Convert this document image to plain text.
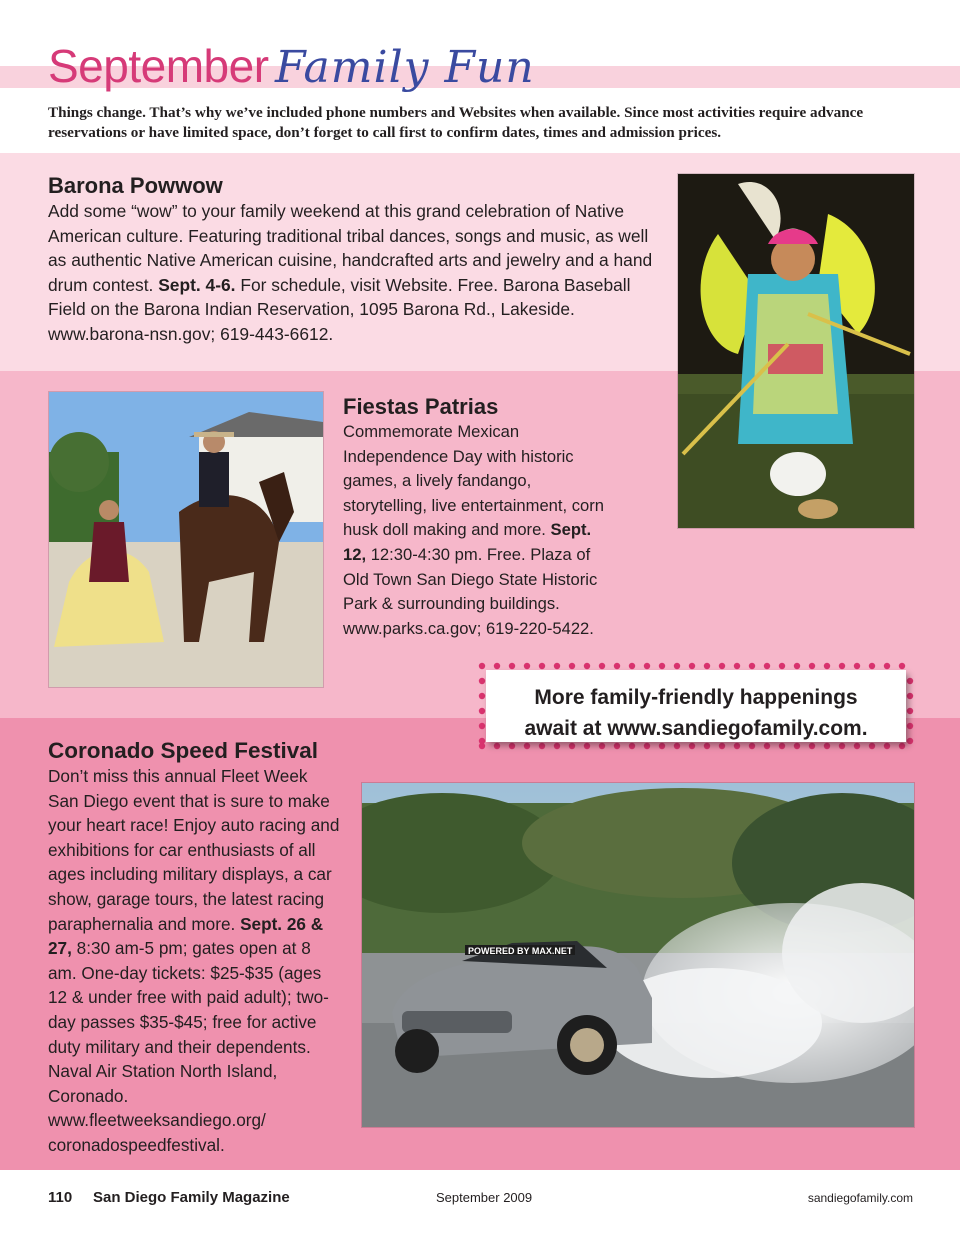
September Family Fun
Things change. That’s why we’ve included phone numbers and Websites when available. Since most activities require advance reservations or have limited space, don’t forget to call first to confirm dates, times and admission prices.
Barona Powwow
Add some “wow” to your family weekend at this grand celebration of Native American culture. Featuring traditional tribal dances, songs and music, as well as authentic Native American cuisine, handcrafted arts and jewelry and a hand drum contest. Sept. 4-6. For schedule, visit Website. Free. Barona Baseball Field on the Barona Indian Reservation, 1095 Barona Rd., Lakeside. www.barona-nsn.gov; 619-443-6612.
Fiestas Patrias
Commemorate Mexican Independence Day with historic games, a lively fandango, storytelling, live entertainment, corn husk doll making and more. Sept. 12, 12:30-4:30 pm. Free. Plaza of Old Town San Diego State Historic Park & surrounding buildings. www.parks.ca.gov; 619-220-5422.
More family-friendly happenings
await at www.sandiegofamily.com.
Coronado Speed Festival
Don’t miss this annual Fleet Week San Diego event that is sure to make your heart race! Enjoy auto racing and exhibitions for car enthusiasts of all ages including military displays, a car show, garage tours, the latest racing paraphernalia and more. Sept. 26 & 27, 8:30 am-5 pm; gates open at 8 am. One-day tickets: $25-$35 (ages 12 & under free with paid adult); two-day passes $35-$45; free for active duty military and their dependents. Naval Air Station North Island, Coronado. www.fleetweeksandiego.org/ coronadospeedfestival.
POWERED BY MAX.NET
110 San Diego Family Magazine	September 2009	sandiegofamily.com
